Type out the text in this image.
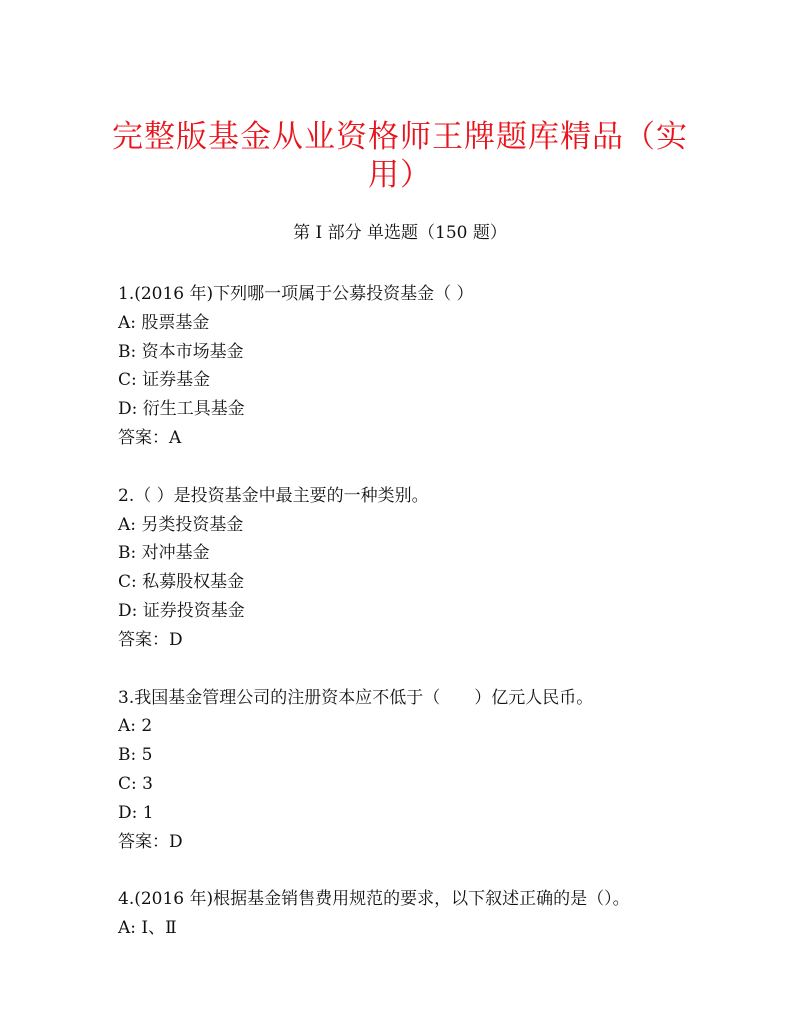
完整版基金从业资格师王牌题库精品（实用）
第 I 部分 单选题（150 题）
1.(2016 年)下列哪一项属于公募投资基金（ ）
A: 股票基金
B: 资本市场基金
C: 证券基金
D: 衍生工具基金
答案：A
2.（ ）是投资基金中最主要的一种类别。
A: 另类投资基金
B: 对冲基金
C: 私募股权基金
D: 证券投资基金
答案：D
3.我国基金管理公司的注册资本应不低于（　　）亿元人民币。
A: 2
B: 5
C: 3
D: 1
答案：D
4.(2016 年)根据基金销售费用规范的要求，以下叙述正确的是（）。
A: Ⅰ、Ⅱ
